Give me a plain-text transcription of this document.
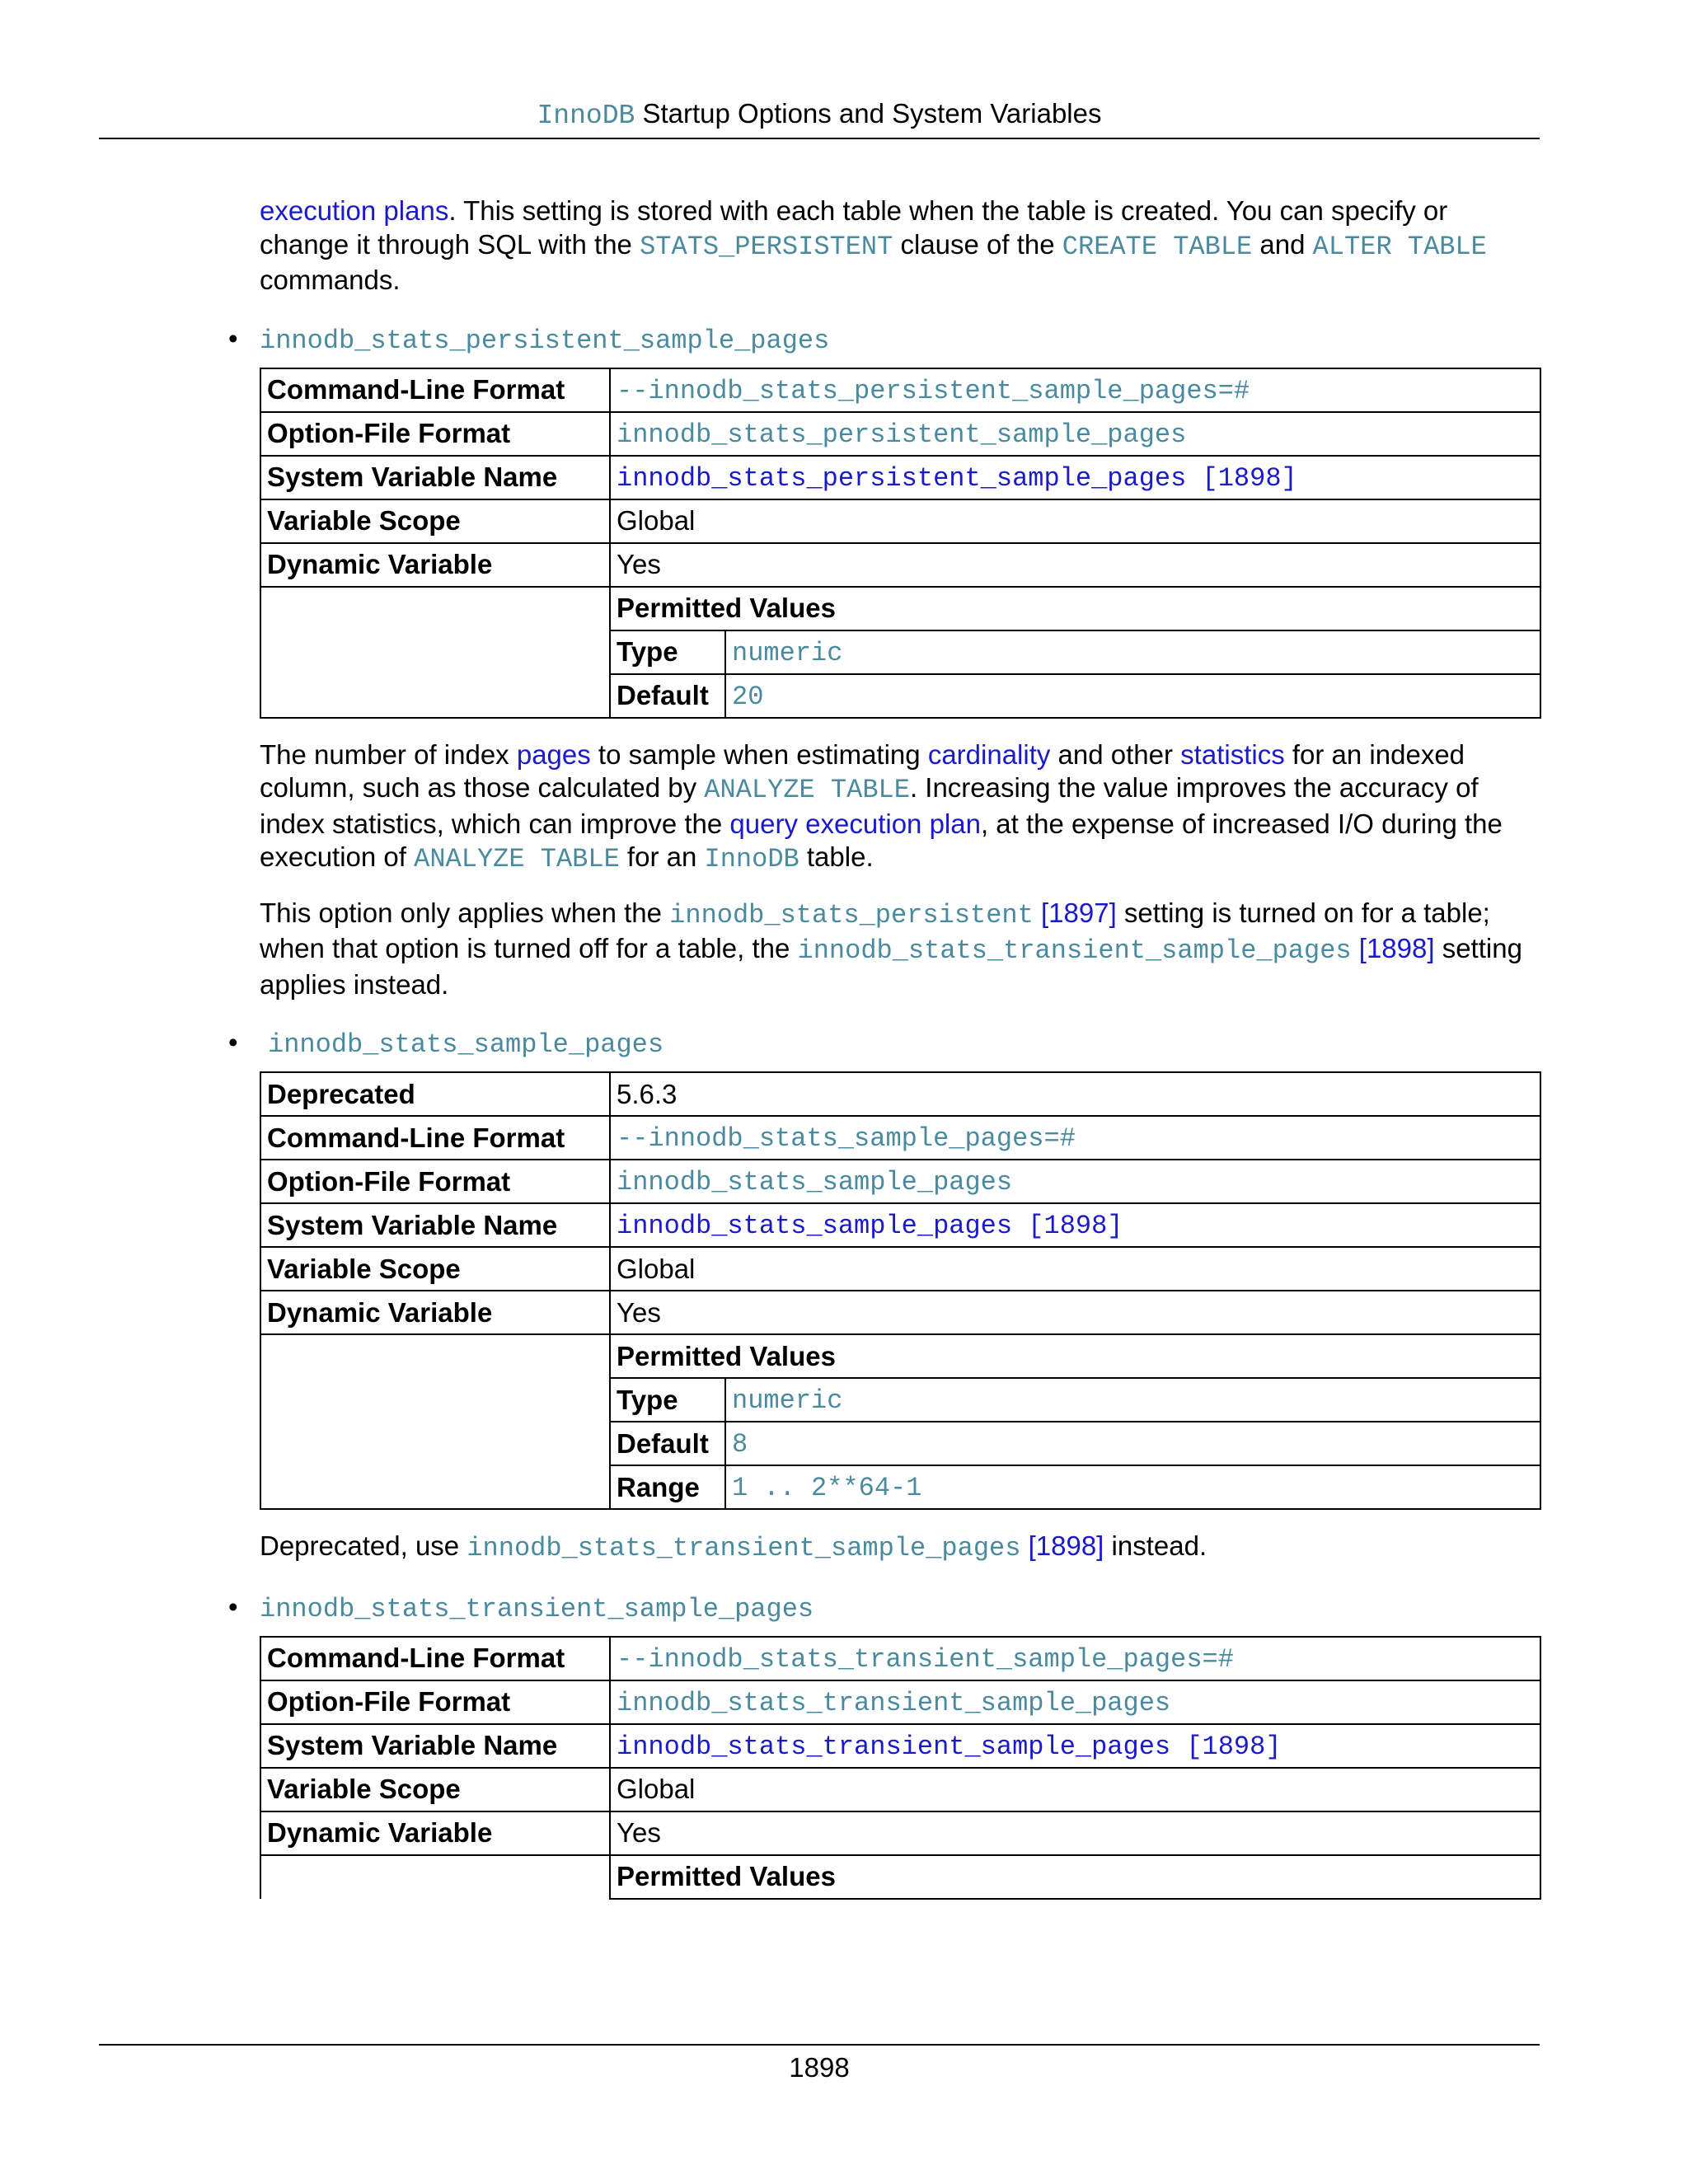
InnoDB Startup Options and System Variables

execution plans. This setting is stored with each table when the table is created. You can specify or change it through SQL with the STATS_PERSISTENT clause of the CREATE TABLE and ALTER TABLE commands.

• innodb_stats_persistent_sample_pages
Command-Line Format	--innodb_stats_persistent_sample_pages=#	
Option-File Format	innodb_stats_persistent_sample_pages	
System Variable Name	innodb_stats_persistent_sample_pages [1898]	
Variable Scope	Global	
Dynamic Variable	Yes	
	Permitted Values	
	Type	numeric
	Default	20

The number of index pages to sample when estimating cardinality and other statistics for an indexed column, such as those calculated by ANALYZE TABLE. Increasing the value improves the accuracy of index statistics, which can improve the query execution plan, at the expense of increased I/O during the execution of ANALYZE TABLE for an InnoDB table.

This option only applies when the innodb_stats_persistent [1897] setting is turned on for a table; when that option is turned off for a table, the innodb_stats_transient_sample_pages [1898] setting applies instead.

• innodb_stats_sample_pages
Deprecated	5.6.3	
Command-Line Format	--innodb_stats_sample_pages=#	
Option-File Format	innodb_stats_sample_pages	
System Variable Name	innodb_stats_sample_pages [1898]	
Variable Scope	Global	
Dynamic Variable	Yes	
	Permitted Values	
	Type	numeric
	Default	8
	Range	1 .. 2**64-1

Deprecated, use innodb_stats_transient_sample_pages [1898] instead.

• innodb_stats_transient_sample_pages
Command-Line Format	--innodb_stats_transient_sample_pages=#
Option-File Format	innodb_stats_transient_sample_pages
System Variable Name	innodb_stats_transient_sample_pages [1898]
Variable Scope	Global
Dynamic Variable	Yes
	Permitted Values
1898
